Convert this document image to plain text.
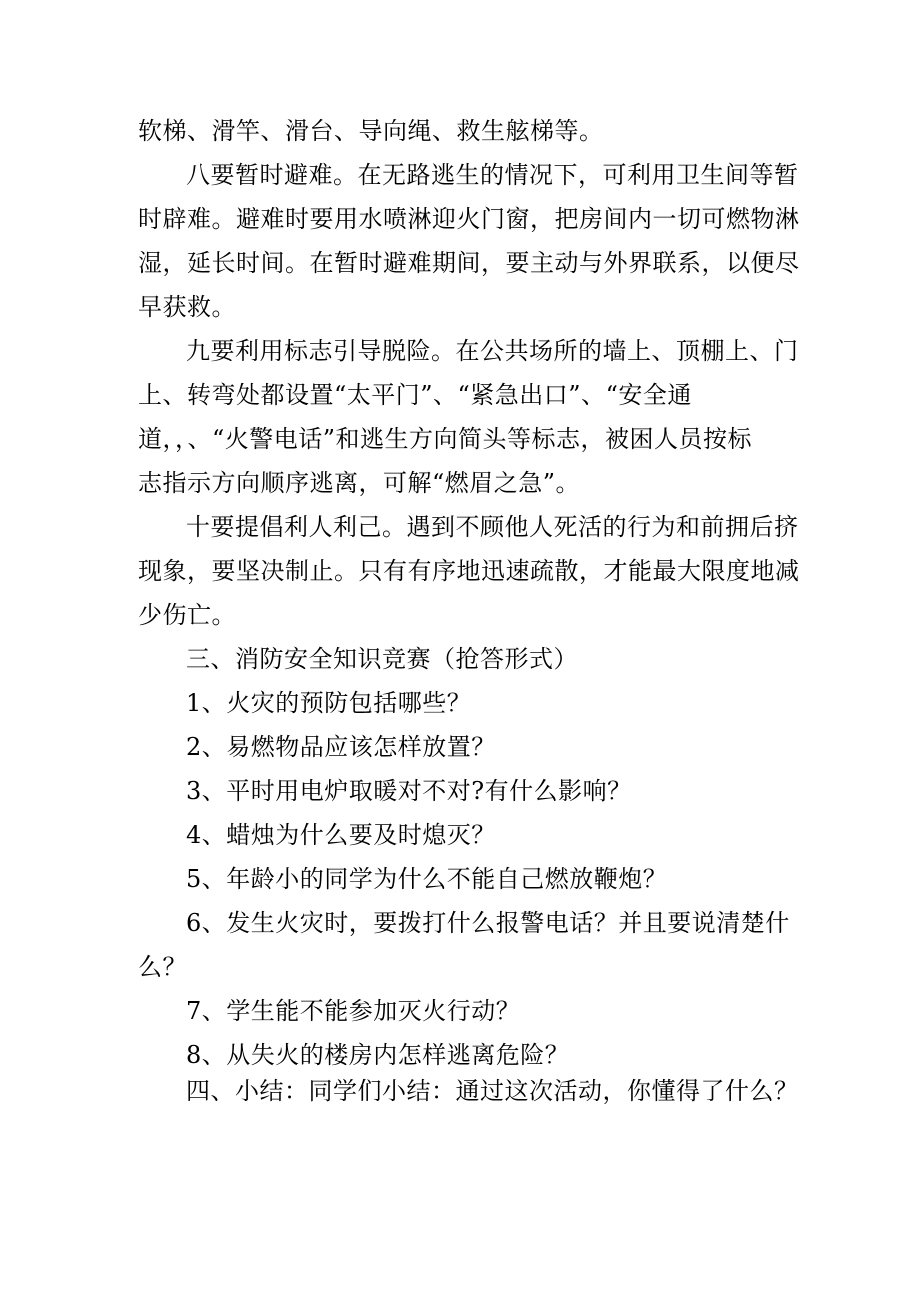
软梯、滑竿、滑台、导向绳、救生舷梯等。
八要暂时避难。在无路逃生的情况下，可利用卫生间等暂
时辟难。避难时要用水喷淋迎火门窗，把房间内一切可燃物淋
湿，延长时间。在暂时避难期间，要主动与外界联系，以便尽
早获救。
九要利用标志引导脱险。在公共场所的墙上、顶棚上、门
上、转弯处都设置“太平门”、“紧急出口”、“安全通
道，，、“火警电话”和逃生方向简头等标志，被困人员按标
志指示方向顺序逃离，可解“燃眉之急”。
十要提倡利人利己。遇到不顾他人死活的行为和前拥后挤
现象，要坚决制止。只有有序地迅速疏散，才能最大限度地减
少伤亡。
三、消防安全知识竞赛（抢答形式）
1、火灾的预防包括哪些？
2、易燃物品应该怎样放置？
3、平时用电炉取暖对不对?有什么影响？
4、蜡烛为什么要及时熄灭？
5、年龄小的同学为什么不能自己燃放鞭炮？
6、发生火灾时，要拨打什么报警电话？并且要说清楚什
么？
7、学生能不能参加灭火行动？
8、从失火的楼房内怎样逃离危险？
四、小结：同学们小结：通过这次活动，你懂得了什么？
